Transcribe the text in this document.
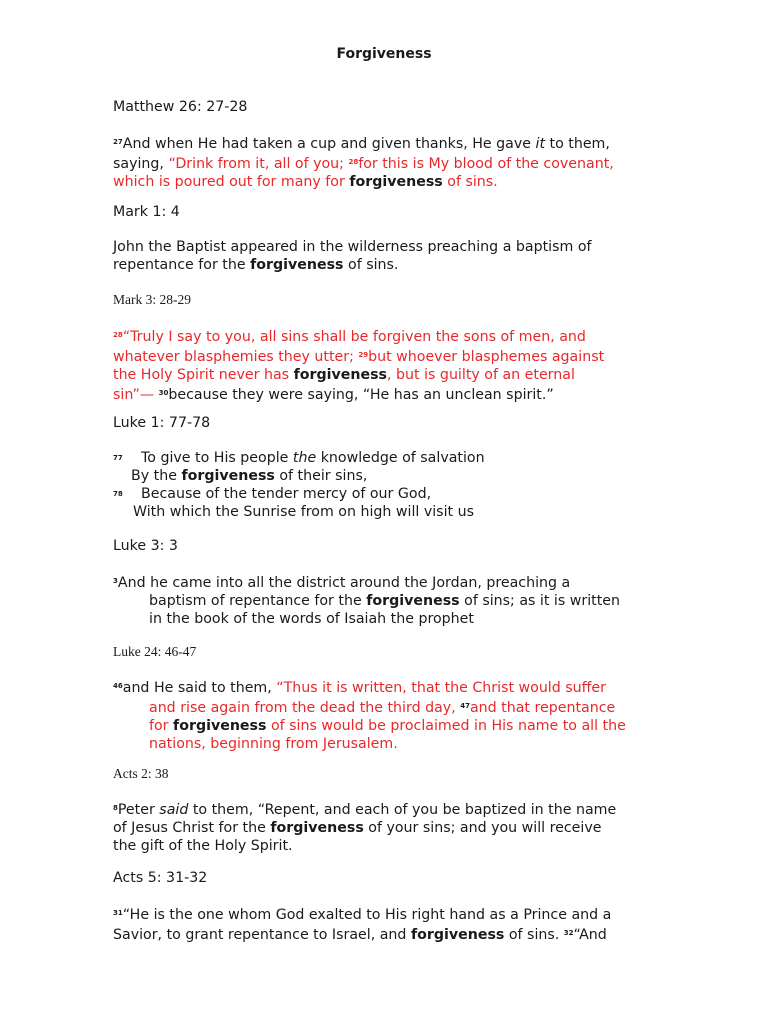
Forgiveness
Matthew 26: 27-28
$^{27}$And when He had taken a cup and given thanks, He gave it to them,
saying, “Drink from it, all of you; $^{28}$for this is My blood of the covenant,
which is poured out for many for forgiveness of sins.
Mark 1: 4
John the Baptist appeared in the wilderness preaching a baptism of
repentance for the forgiveness of sins.
Mark 3: 28-29
$^{28}$“Truly I say to you, all sins shall be forgiven the sons of men, and
whatever blasphemies they utter; $^{29}$but whoever blasphemes against
the Holy Spirit never has forgiveness, but is guilty of an eternal
sin”— $^{30}$because they were saying, “He has an unclean spirit.”
Luke 1: 77-78
77 To give to His people the knowledge of salvation
By the forgiveness of their sins,
78 Because of the tender mercy of our God,
With which the Sunrise from on high will visit us
Luke 3: 3
$^3$And he came into all the district around the Jordan, preaching a
baptism of repentance for the forgiveness of sins; as it is written
in the book of the words of Isaiah the prophet
Luke 24: 46-47
$^{46}$and He said to them, “Thus it is written, that the Christ would suffer
and rise again from the dead the third day, $^{47}$and that repentance
for forgiveness of sins would be proclaimed in His name to all the
nations, beginning from Jerusalem.
Acts 2: 38
$^8$Peter said to them, “Repent, and each of you be baptized in the name
of Jesus Christ for the forgiveness of your sins; and you will receive
the gift of the Holy Spirit.
Acts 5: 31-32
$^{31}$“He is the one whom God exalted to His right hand as a Prince and a
Savior, to grant repentance to Israel, and forgiveness of sins. $^{32}$“And
